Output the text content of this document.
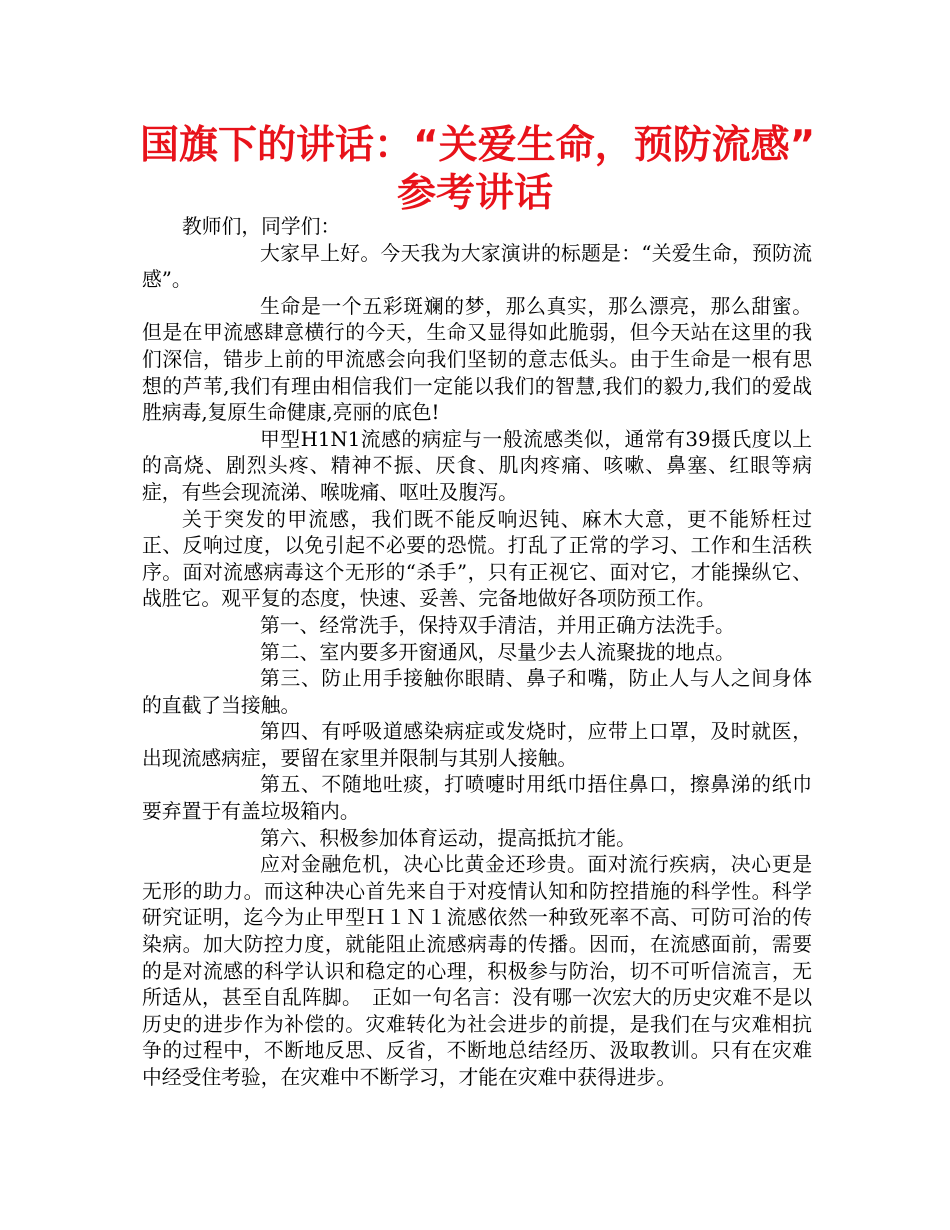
国旗下的讲话：“关爱生命，预防流感”
参考讲话

教师们，同学们：

大家早上好。今天我为大家演讲的标题是：“关爱生命，预防流感”。

生命是一个五彩斑斓的梦，那么真实，那么漂亮，那么甜蜜。但是在甲流感肆意横行的今天，生命又显得如此脆弱，但今天站在这里的我们深信，错步上前的甲流感会向我们坚韧的意志低头。由于生命是一根有思想的芦苇,我们有理由相信我们一定能以我们的智慧,我们的毅力,我们的爱战胜病毒,复原生命健康,亮丽的底色!

甲型H1N1流感的病症与一般流感类似，通常有39摄氏度以上的高烧、剧烈头疼、精神不振、厌食、肌肉疼痛、咳嗽、鼻塞、红眼等病症，有些会现流涕、喉咙痛、呕吐及腹泻。

关于突发的甲流感，我们既不能反响迟钝、麻木大意，更不能矫枉过正、反响过度，以免引起不必要的恐慌。打乱了正常的学习、工作和生活秩序。面对流感病毒这个无形的“杀手”，只有正视它、面对它，才能操纵它、战胜它。观平复的态度，快速、妥善、完备地做好各项防预工作。

第一、经常洗手，保持双手清洁，并用正确方法洗手。

第二、室内要多开窗通风，尽量少去人流聚拢的地点。

第三、防止用手接触你眼睛、鼻子和嘴，防止人与人之间身体的直截了当接触。

第四、有呼吸道感染病症或发烧时，应带上口罩，及时就医，出现流感病症，要留在家里并限制与其别人接触。

第五、不随地吐痰，打喷嚏时用纸巾捂住鼻口，擦鼻涕的纸巾要弃置于有盖垃圾箱内。

第六、积极参加体育运动，提高抵抗才能。

应对金融危机，决心比黄金还珍贵。面对流行疾病，决心更是无形的助力。而这种决心首先来自于对疫情认知和防控措施的科学性。科学研究证明，迄今为止甲型Ｈ１Ｎ１流感依然一种致死率不高、可防可治的传染病。加大防控力度，就能阻止流感病毒的传播。因而，在流感面前，需要的是对流感的科学认识和稳定的心理，积极参与防治，切不可听信流言，无所适从，甚至自乱阵脚。　正如一句名言：没有哪一次宏大的历史灾难不是以历史的进步作为补偿的。灾难转化为社会进步的前提，是我们在与灾难相抗争的过程中，不断地反思、反省，不断地总结经历、汲取教训。只有在灾难中经受住考验，在灾难中不断学习，才能在灾难中获得进步。
